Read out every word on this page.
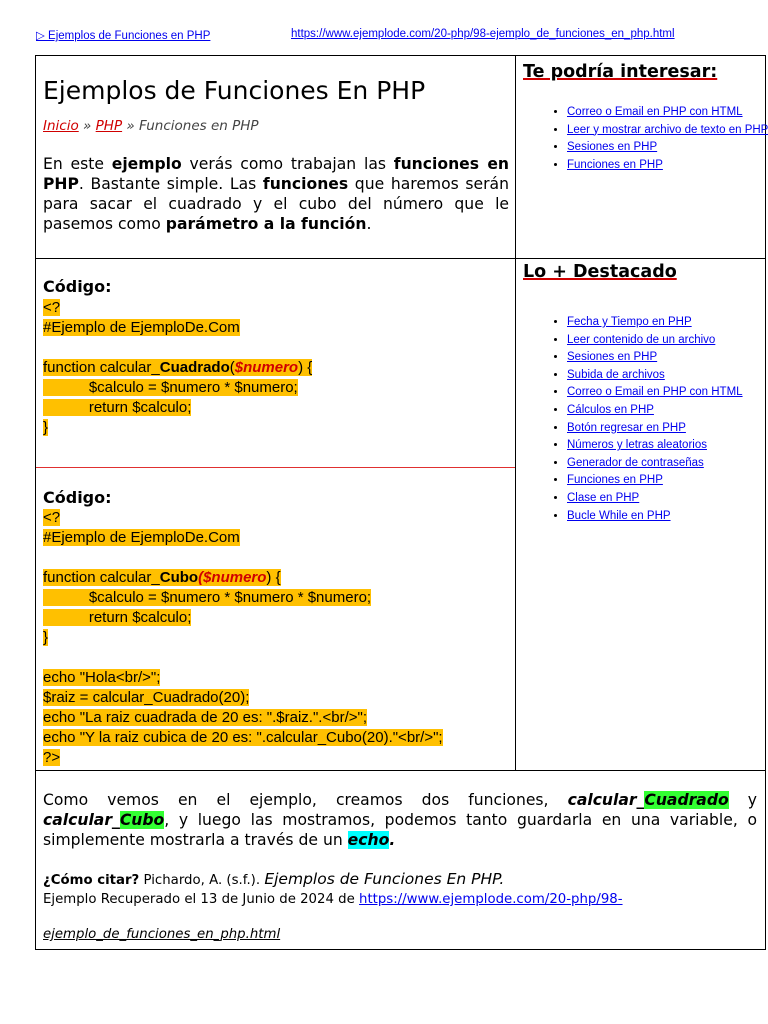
▷ Ejemplos de Funciones en PHP	https://www.ejemplode.com/20-php/98-ejemplo_de_funciones_en_php.html
Ejemplos de Funciones En PHP
Inicio » PHP » Funciones en PHP
En este ejemplo verás como trabajan las funciones en PHP. Bastante simple. Las funciones que haremos serán para sacar el cuadrado y el cubo del número que le pasemos como parámetro a la función.
Te podría interesar:
• Correo o Email en PHP con HTML
• Leer y mostrar archivo de texto en PHP
• Sesiones en PHP
• Funciones en PHP
Lo + Destacado
• Fecha y Tiempo en PHP
• Leer contenido de un archivo
• Sesiones en PHP
• Subida de archivos
• Correo o Email en PHP con HTML
• Cálculos en PHP
• Botón regresar en PHP
• Números y letras aleatorios
• Generador de contraseñas
• Funciones en PHP
• Clase en PHP
• Bucle While en PHP
Código:
<?
#Ejemplo de EjemploDe.Com

function calcular_Cuadrado($numero) {
$calculo = $numero * $numero;
return $calculo;
}
Código:
<?
#Ejemplo de EjemploDe.Com

function calcular_Cubo($numero) {
$calculo = $numero * $numero * $numero;
return $calculo;
}

echo "Hola<br/>";
$raiz = calcular_Cuadrado(20);
echo "La raiz cuadrada de 20 es: ".$raiz.".<br/>";
echo "Y la raiz cubica de 20 es: ".calcular_Cubo(20)."<br/>";
?>
Como vemos en el ejemplo, creamos dos funciones, calcular_Cuadrado y calcular_Cubo, y luego las mostramos, podemos tanto guardarla en una variable, o simplemente mostrarla a través de un echo.
¿Cómo citar? Pichardo, A. (s.f.). Ejemplos de Funciones En PHP.
Ejemplo Recuperado el 13 de Junio de 2024 de https://www.ejemplode.com/20-php/98-
ejemplo_de_funciones_en_php.html
